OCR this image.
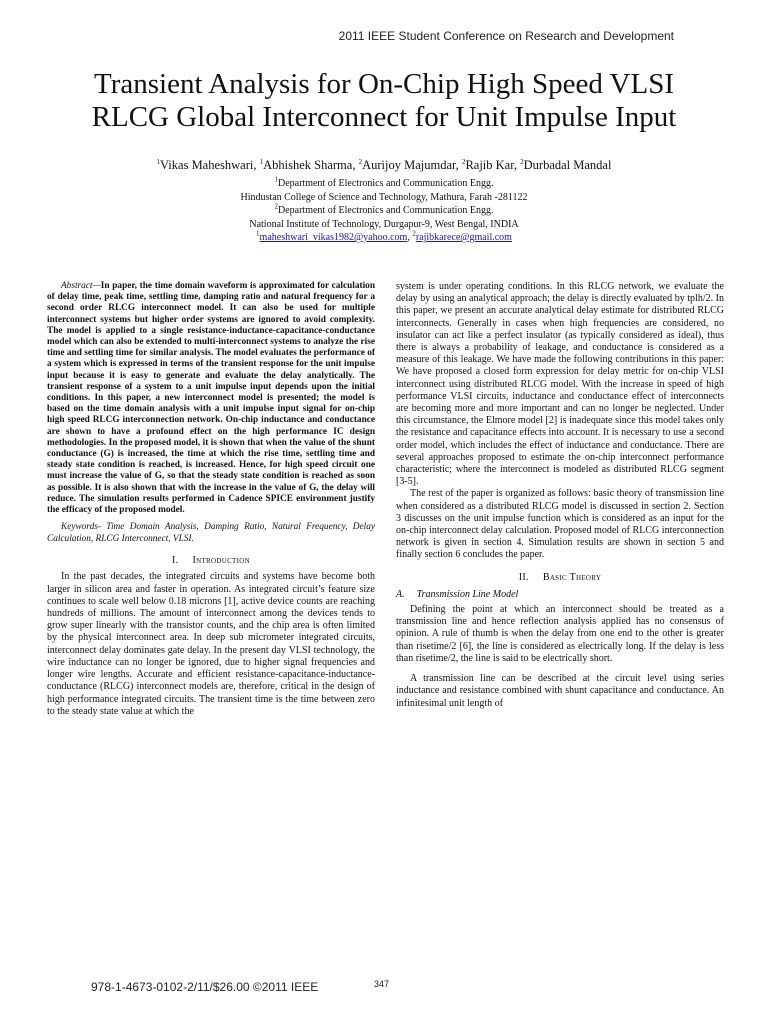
2011 IEEE Student Conference on Research and Development
Transient Analysis for On-Chip High Speed VLSI
RLCG Global Interconnect for Unit Impulse Input
$^1$Vikas Maheshwari, $^1$Abhishek Sharma, $^2$Aurijoy Majumdar, $^2$Rajib Kar, $^2$Durbadal Mandal
$^1$Department of Electronics and Communication Engg.
Hindustan College of Science and Technology, Mathura, Farah -281122
$^2$Department of Electronics and Communication Engg.
National Institute of Technology, Durgapur-9, West Bengal, INDIA
$^1$maheshwari_vikas1982@yahoo.com, $^2$rajibkarece@gmail.com

Abstract—In paper, the time domain waveform is approximated for calculation of delay time, peak time, settling time, damping ratio and natural frequency for a second order RLCG interconnect model. It can also be used for multiple interconnect systems but higher order systems are ignored to avoid complexity. The model is applied to a single resistance-inductance-capacitance-conductance model which can also be extended to multi-interconnect systems to analyze the rise time and settling time for similar analysis. The model evaluates the performance of a system which is expressed in terms of the transient response for the unit impulse input because it is easy to generate and evaluate the delay analytically. The transient response of a system to a unit impulse input depends upon the initial conditions. In this paper, a new interconnect model is presented; the model is based on the time domain analysis with a unit impulse input signal for on-chip high speed RLCG interconnection network. On-chip inductance and conductance are shown to have a profound effect on the high performance IC design methodologies. In the proposed model, it is shown that when the value of the shunt conductance (G) is increased, the time at which the rise time, settling time and steady state condition is reached, is increased. Hence, for high speed circuit one must increase the value of G, so that the steady state condition is reached as soon as possible. It is also shown that with the increase in the value of G, the delay will reduce. The simulation results performed in Cadence SPICE environment justify the efficacy of the proposed model.

Keywords- Time Domain Analysis, Damping Ratio, Natural Frequency, Delay Calculation, RLCG Interconnect, VLSI.

I. Introduction

In the past decades, the integrated circuits and systems have become both larger in silicon area and faster in operation. As integrated circuit’s feature size continues to scale well below 0.18 microns [1], active device counts are reaching hundreds of millions. The amount of interconnect among the devices tends to grow super linearly with the transistor counts, and the chip area is often limited by the physical interconnect area. In deep sub micrometer integrated circuits, interconnect delay dominates gate delay. In the present day VLSI technology, the wire inductance can no longer be ignored, due to higher signal frequencies and longer wire lengths. Accurate and efficient resistance-capacitance-inductance-conductance (RLCG) interconnect models are, therefore, critical in the design of high performance integrated circuits. The transient time is the time between zero to the steady state value at which the

system is under operating conditions. In this RLCG network, we evaluate the delay by using an analytical approach; the delay is directly evaluated by tplh/2. In this paper, we present an accurate analytical delay estimate for distributed RLCG interconnects. Generally in cases when high frequencies are considered, no insulator can act like a perfect insulator (as typically considered as ideal), thus there is always a probability of leakage, and conductance is considered as a measure of this leakage. We have made the following contributions in this paper: We have proposed a closed form expression for delay metric for on-chip VLSI interconnect using distributed RLCG model. With the increase in speed of high performance VLSI circuits, inductance and conductance effect of interconnects are becoming more and more important and can no longer be neglected. Under this circumstance, the Elmore model [2] is inadequate since this model takes only the resistance and capacitance effects into account. It is necessary to use a second order model, which includes the effect of inductance and conductance. There are several approaches proposed to estimate the on-chip interconnect performance characteristic; where the interconnect is modeled as distributed RLCG segment [3-5].

The rest of the paper is organized as follows: basic theory of transmission line when considered as a distributed RLCG model is discussed in section 2. Section 3 discusses on the unit impulse function which is considered as an input for the on-chip interconnect delay calculation. Proposed model of RLCG interconnection network is given in section 4. Simulation results are shown in section 5 and finally section 6 concludes the paper.

II. Basic Theory

A. Transmission Line Model

Defining the point at which an interconnect should be treated as a transmission line and hence reflection analysis applied has no consensus of opinion. A rule of thumb is when the delay from one end to the other is greater than risetime/2 [6], the line is considered as electrically long. If the delay is less than risetime/2, the line is said to be electrically short.

A transmission line can be described at the circuit level using series inductance and resistance combined with shunt capacitance and conductance. An infinitesimal unit length of

978-1-4673-0102-2/11/$26.00 ©2011 IEEE	347
